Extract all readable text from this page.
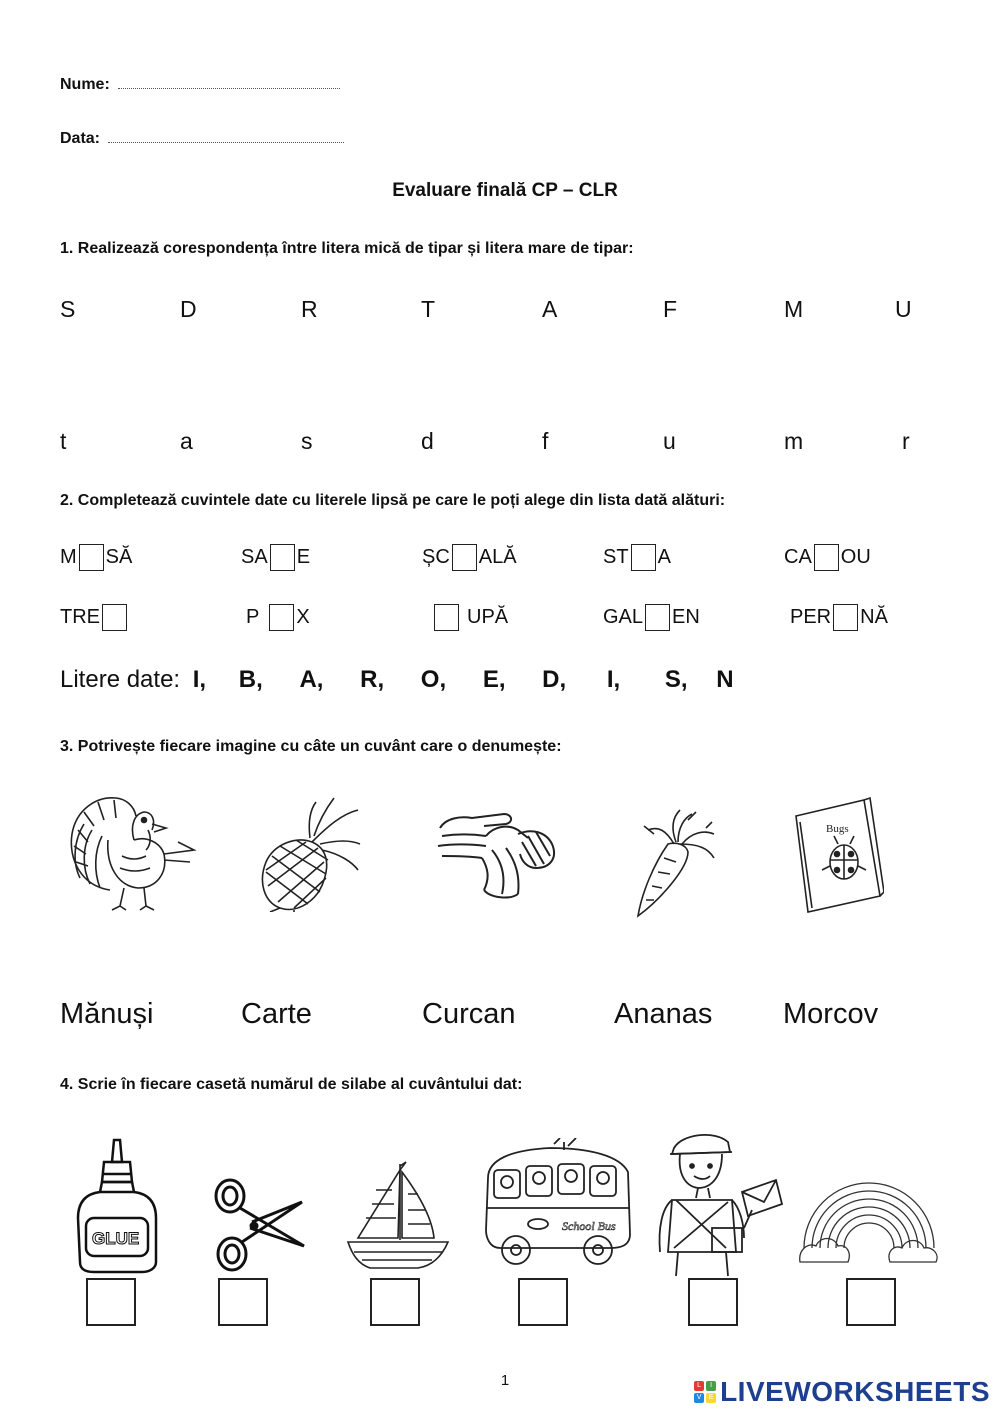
Nume:
Data:
Evaluare finală CP – CLR
1. Realizează corespondența între litera mică de tipar și litera mare de tipar:
S	D	R	T	A	F	M	U
t	a	s	d	f	u	m	r
2. Completează cuvintele date cu literele lipsă pe care le poți alege din lista dată alături:
M SĂ	SA E	ȘC ALĂ	ST A	CA OU
TRE	P X	UPĂ	GAL EN	PER NĂ
Litere date: I, B, A, R, O, E, D, I, S, N
3. Potrivește fiecare imagine cu câte un cuvânt care o denumește:
Bugs
Mănuși	Carte	Curcan	Ananas Morcov
4. Scrie în fiecare casetă numărul de silabe al cuvântului dat:
GLUE
School Bus
1	L	I
V	E LIVEWORKSHEETS
